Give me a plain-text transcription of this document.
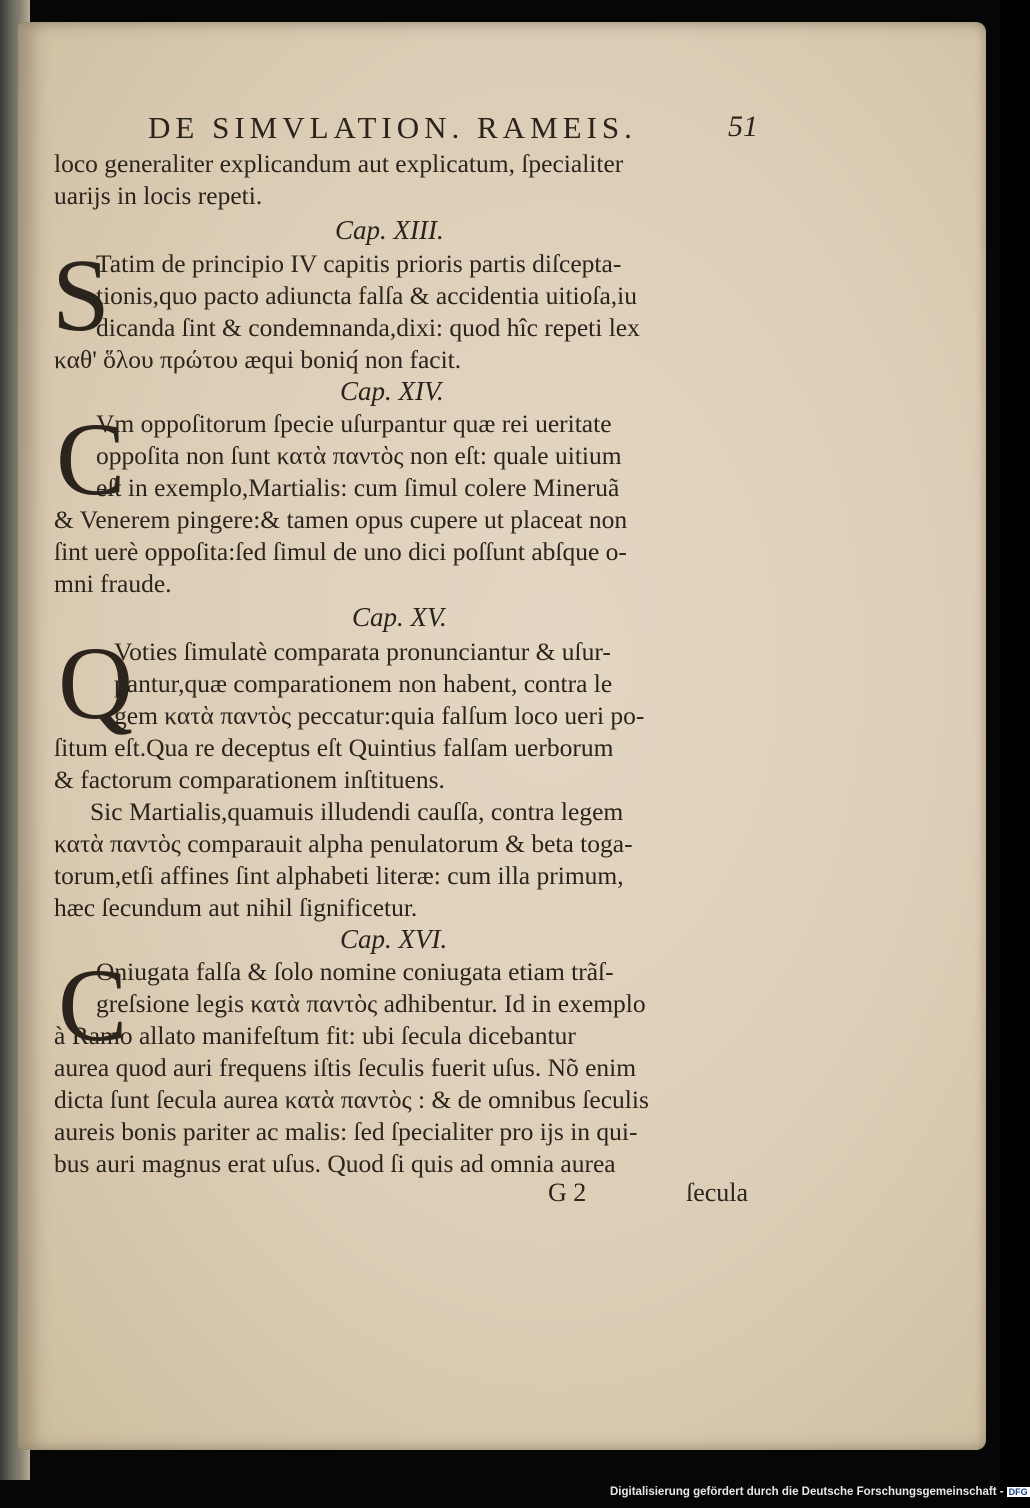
DE SIMVLATION. RAMEIS.	51
loco generaliter explicandum aut explicatum, ſpecialiter
uarijs in locis repeti.
Cap. XIII.
S
Tatim de principio IV capitis prioris partis diſcepta-
tionis,quo pacto adiuncta falſa & accidentia uitioſa,iu
dicanda ſint & condemnanda,dixi: quod hîc repeti lex
καθ' ὅλου πρώτου æqui boniq́ non facit.
Cap. XIV.
C
Vm oppoſitorum ſpecie uſurpantur quæ rei ueritate
oppoſita non ſunt κατὰ παντὸς non eſt: quale uitium
eſt in exemplo,Martialis: cum ſimul colere Mineruã
& Venerem pingere:& tamen opus cupere ut placeat non
ſint uerè oppoſita:ſed ſimul de uno dici poſſunt abſque o-
mni fraude.
Cap. XV.
Q
Voties ſimulatè comparata pronunciantur & uſur-
pantur,quæ comparationem non habent, contra le
gem κατὰ παντὸς peccatur:quia falſum loco ueri po-
ſitum eſt.Qua re deceptus eſt Quintius falſam uerborum
& factorum comparationem inſtituens.
Sic Martialis,quamuis illudendi cauſſa, contra legem
κατὰ παντὸς comparauit alpha penulatorum & beta toga-
torum,etſi affines ſint alphabeti literæ: cum illa primum,
hæc ſecundum aut nihil ſignificetur.
Cap. XVI.
C
Oniugata falſa & ſolo nomine coniugata etiam trãſ-
greſsione legis κατὰ παντὸς adhibentur. Id in exemplo
à Ramo allato manifeſtum fit: ubi ſecula dicebantur
aurea quod auri frequens iſtis ſeculis fuerit uſus. Nõ enim
dicta ſunt ſecula aurea κατὰ παντὸς : & de omnibus ſeculis
aureis bonis pariter ac malis: ſed ſpecialiter pro ijs in qui-
bus auri magnus erat uſus. Quod ſi quis ad omnia aurea
G 2	ſecula
Digitalisierung gefördert durch die Deutsche Forschungsgemeinschaft - DFG
